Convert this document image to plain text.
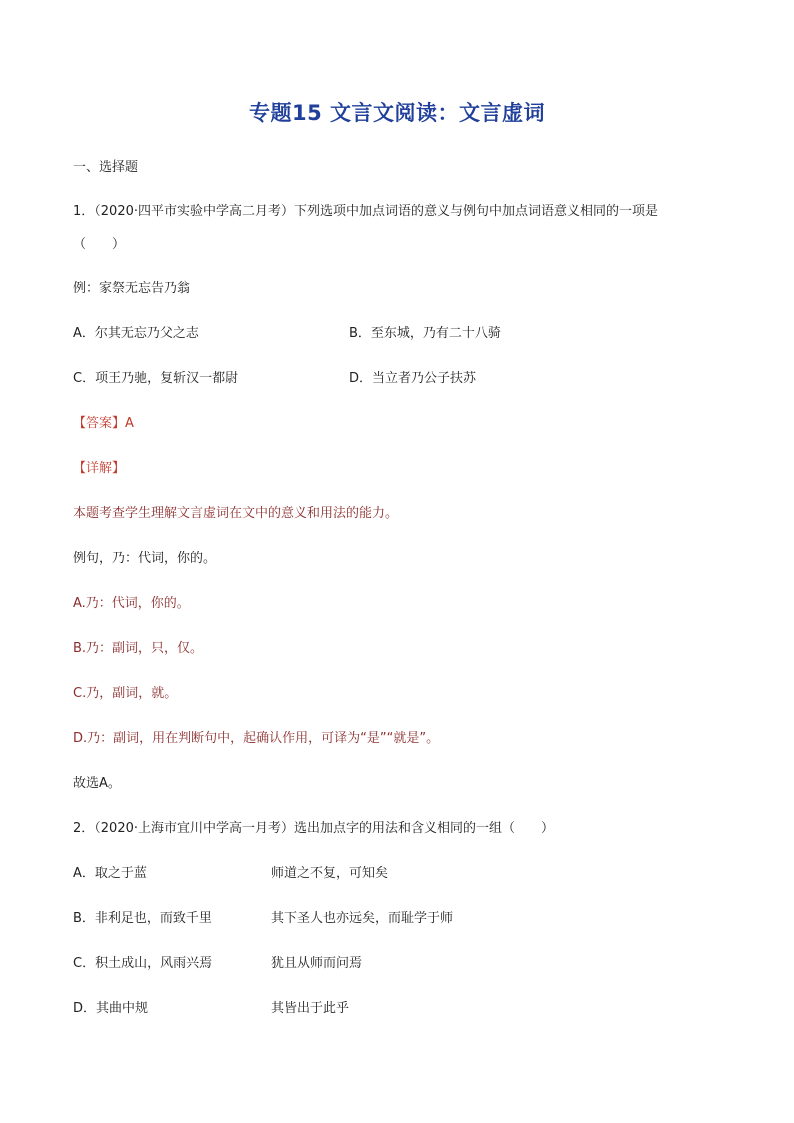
专题15 文言文阅读：文言虚词
一、选择题
1．（2020·四平市实验中学高二月考）下列选项中加点词语的意义与例句中加点词语意义相同的一项是
（　　）
例：家祭无忘告乃翁
A．尔其无忘乃父之志	B．至东城，乃有二十八骑
C．项王乃驰，复斩汉一都尉	D．当立者乃公子扶苏
【答案】A
【详解】
本题考查学生理解文言虚词在文中的意义和用法的能力。
例句，乃：代词，你的。
A.乃：代词，你的。
B.乃：副词，只，仅。
C.乃，副词，就。
D.乃：副词，用在判断句中，起确认作用，可译为“是”“就是”。
故选A。
2．（2020·上海市宜川中学高一月考）选出加点字的用法和含义相同的一组（　　）
A．取之于蓝	师道之不复，可知矣
B．非利足也，而致千里	其下圣人也亦远矣，而耻学于师
C．积土成山，风雨兴焉	犹且从师而问焉
D．其曲中规	其皆出于此乎
